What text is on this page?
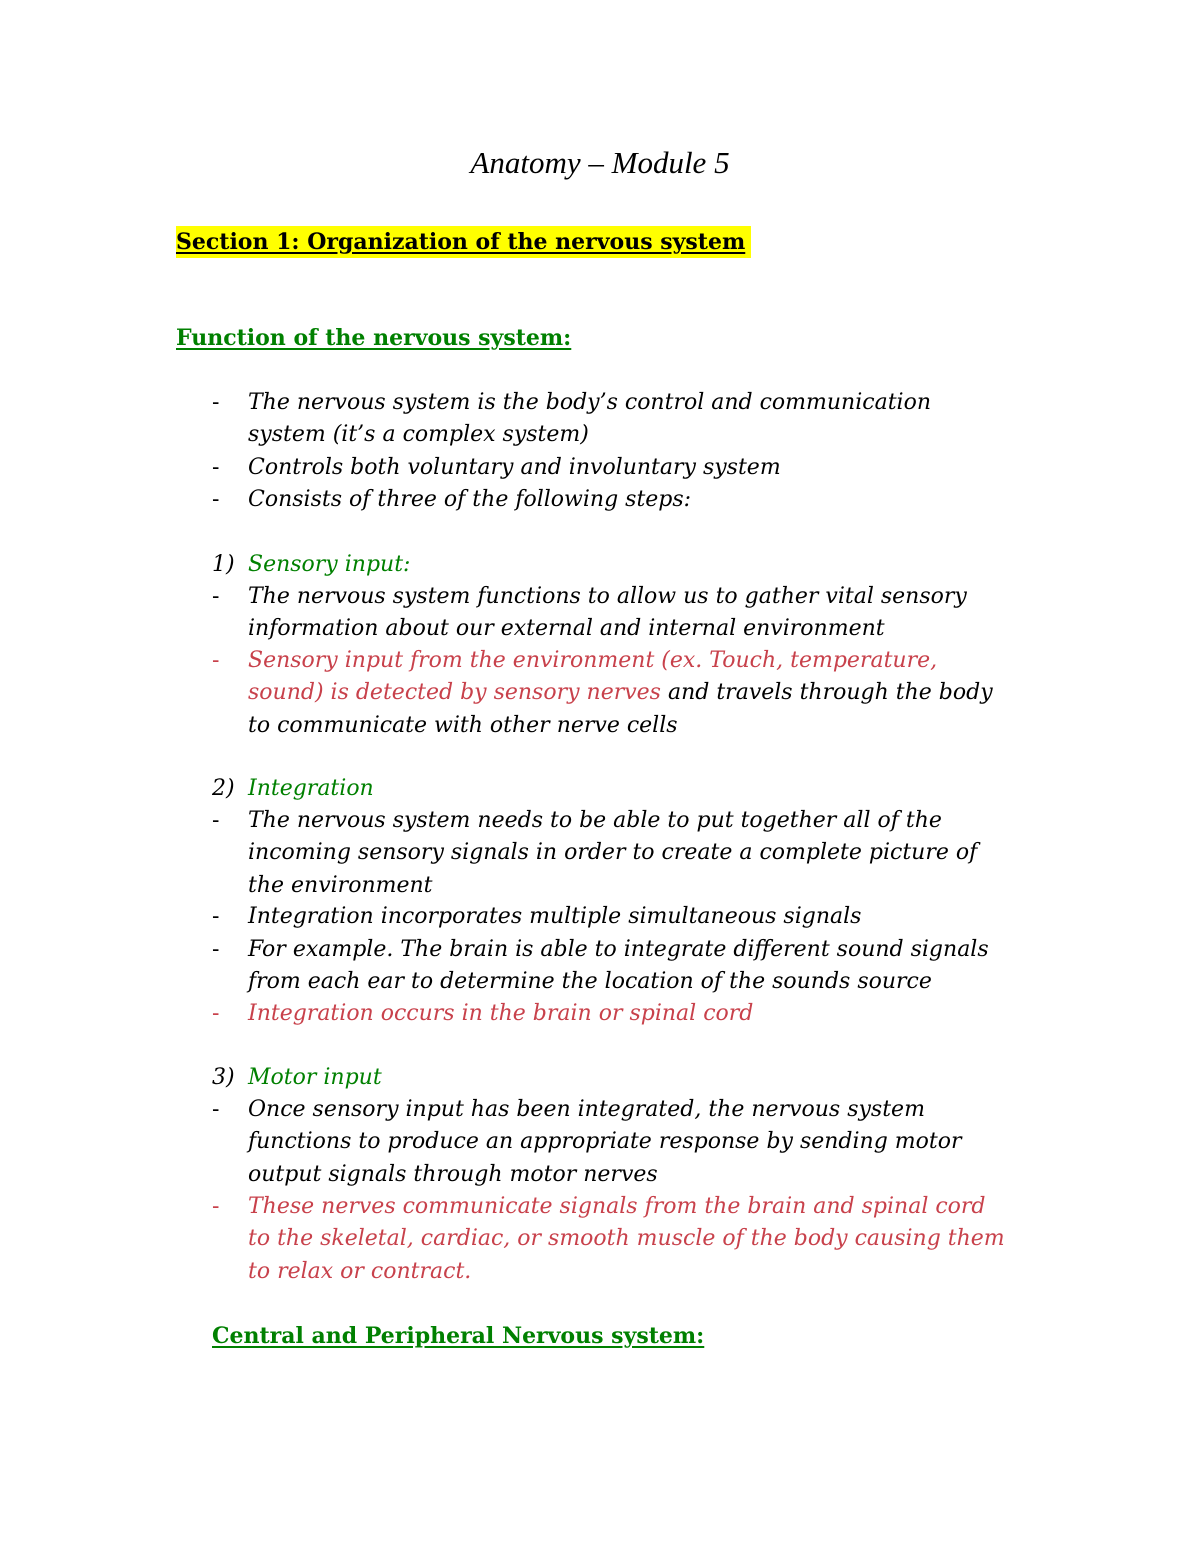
Anatomy – Module 5
Section 1: Organization of the nervous system
Function of the nervous system:
- The nervous system is the body’s control and communication system (it’s a complex system)
- Controls both voluntary and involuntary system
- Consists of three of the following steps:
1) Sensory input:
- The nervous system functions to allow us to gather vital sensory information about our external and internal environment
- Sensory input from the environment (ex. Touch, temperature, sound) is detected by sensory nerves and travels through the body to communicate with other nerve cells
2) Integration
- The nervous system needs to be able to put together all of the incoming sensory signals in order to create a complete picture of the environment
- Integration incorporates multiple simultaneous signals
- For example. The brain is able to integrate different sound signals from each ear to determine the location of the sounds source
- Integration occurs in the brain or spinal cord
3) Motor input
- Once sensory input has been integrated, the nervous system functions to produce an appropriate response by sending motor output signals through motor nerves
- These nerves communicate signals from the brain and spinal cord to the skeletal, cardiac, or smooth muscle of the body causing them to relax or contract.
Central and Peripheral Nervous system:
